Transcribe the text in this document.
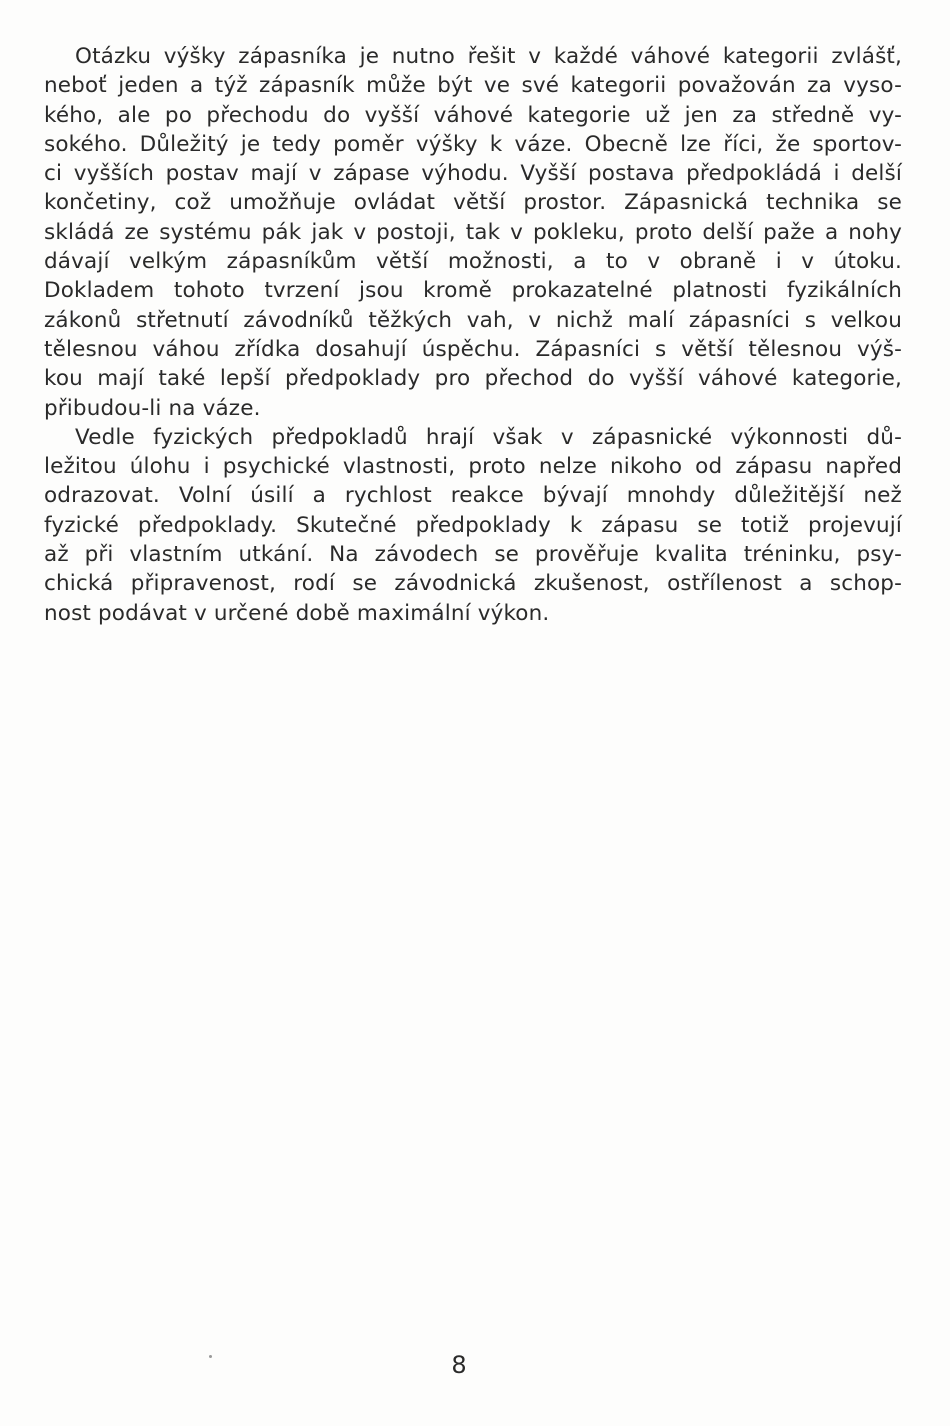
Otázku výšky zápasníka je nutno řešit v každé váhové kategorii zvlášť,
neboť jeden a týž zápasník může být ve své kategorii považován za vyso-
kého, ale po přechodu do vyšší váhové kategorie už jen za středně vy-
sokého. Důležitý je tedy poměr výšky k váze. Obecně lze říci, že sportov-
ci vyšších postav mají v zápase výhodu. Vyšší postava předpokládá i delší
končetiny, což umožňuje ovládat větší prostor. Zápasnická technika se
skládá ze systému pák jak v postoji, tak v pokleku, proto delší paže a nohy
dávají velkým zápasníkům větší možnosti, a to v obraně i v útoku.
Dokladem tohoto tvrzení jsou kromě prokazatelné platnosti fyzikálních
zákonů střetnutí závodníků těžkých vah, v nichž malí zápasníci s velkou
tělesnou váhou zřídka dosahují úspěchu. Zápasníci s větší tělesnou výš-
kou mají také lepší předpoklady pro přechod do vyšší váhové kategorie,
přibudou-li na váze.
Vedle fyzických předpokladů hrají však v zápasnické výkonnosti dů-
ležitou úlohu i psychické vlastnosti, proto nelze nikoho od zápasu napřed
odrazovat. Volní úsilí a rychlost reakce bývají mnohdy důležitější než
fyzické předpoklady. Skutečné předpoklady k zápasu se totiž projevují
až při vlastním utkání. Na závodech se prověřuje kvalita tréninku, psy-
chická připravenost, rodí se závodnická zkušenost, ostřílenost a schop-
nost podávat v určené době maximální výkon.
8
